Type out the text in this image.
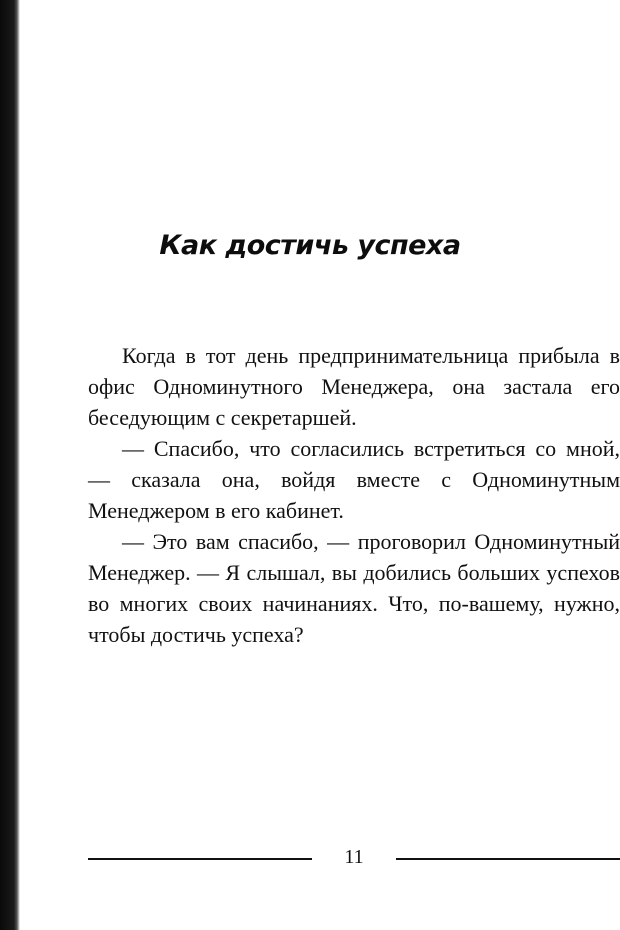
Как достичь успеха

Когда в тот день предпринимательница прибыла в офис Одноминутного Менеджера, она застала его беседующим с секретаршей.

— Спасибо, что согласились встретиться со мной, — сказала она, войдя вместе с Одноминутным Менеджером в его кабинет.

— Это вам спасибо, — проговорил Одноминутный Менеджер. — Я слышал, вы добились больших успехов во многих своих начинаниях. Что, по-вашему, нужно, чтобы достичь успеха?

11
